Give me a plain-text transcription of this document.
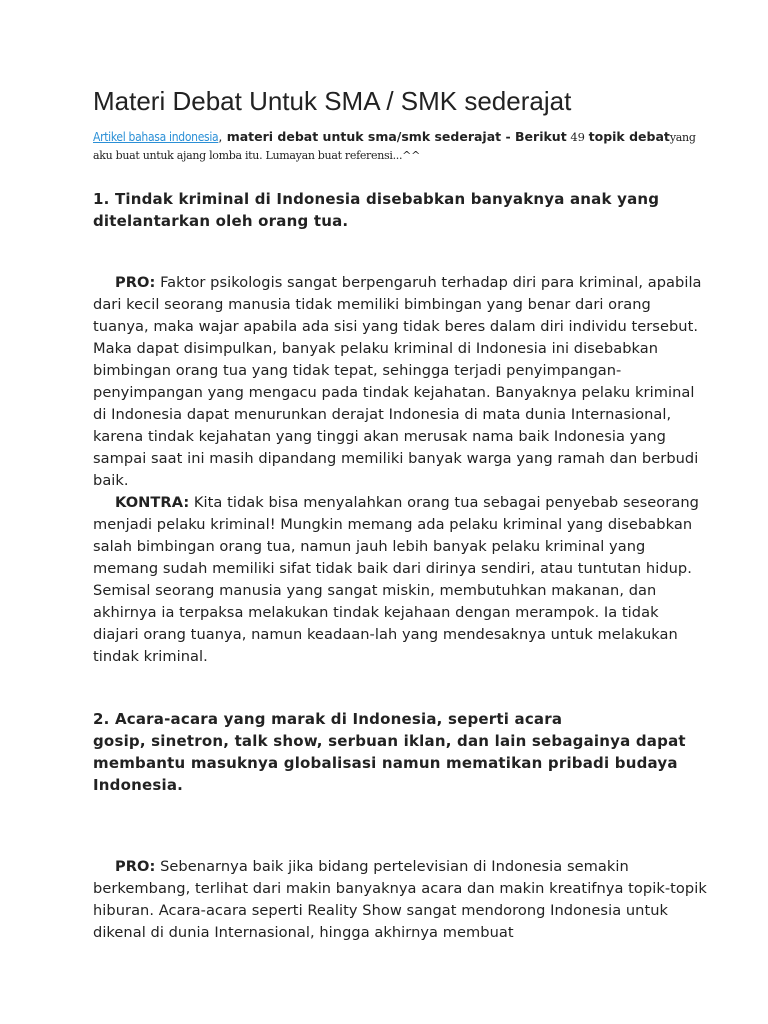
Materi Debat Untuk SMA / SMK sederajat

Artikel bahasa indonesia, materi debat untuk sma/smk sederajat - Berikut 49 topik debatyang aku buat untuk ajang lomba itu. Lumayan buat referensi...^^

1. Tindak kriminal di Indonesia disebabkan banyaknya anak yang ditelantarkan oleh orang tua.

PRO: Faktor psikologis sangat berpengaruh terhadap diri para kriminal, apabila dari kecil seorang manusia tidak memiliki bimbingan yang benar dari orang tuanya, maka wajar apabila ada sisi yang tidak beres dalam diri individu tersebut. Maka dapat disimpulkan, banyak pelaku kriminal di Indonesia ini disebabkan bimbingan orang tua yang tidak tepat, sehingga terjadi penyimpangan-penyimpangan yang mengacu pada tindak kejahatan. Banyaknya pelaku kriminal di Indonesia dapat menurunkan derajat Indonesia di mata dunia Internasional, karena tindak kejahatan yang tinggi akan merusak nama baik Indonesia yang sampai saat ini masih dipandang memiliki banyak warga yang ramah dan berbudi baik.

KONTRA: Kita tidak bisa menyalahkan orang tua sebagai penyebab seseorang menjadi pelaku kriminal! Mungkin memang ada pelaku kriminal yang disebabkan salah bimbingan orang tua, namun jauh lebih banyak pelaku kriminal yang memang sudah memiliki sifat tidak baik dari dirinya sendiri, atau tuntutan hidup. Semisal seorang manusia yang sangat miskin, membutuhkan makanan, dan akhirnya ia terpaksa melakukan tindak kejahaan dengan merampok. Ia tidak diajari orang tuanya, namun keadaan-lah yang mendesaknya untuk melakukan tindak kriminal.

2. Acara-acara yang marak di Indonesia, seperti acara
gosip, sinetron, talk show, serbuan iklan, dan lain sebagainya dapat membantu masuknya globalisasi namun mematikan pribadi budaya Indonesia.

PRO: Sebenarnya baik jika bidang pertelevisian di Indonesia semakin berkembang, terlihat dari makin banyaknya acara dan makin kreatifnya topik-topik hiburan. Acara-acara seperti Reality Show sangat mendorong Indonesia untuk dikenal di dunia Internasional, hingga akhirnya membuat
